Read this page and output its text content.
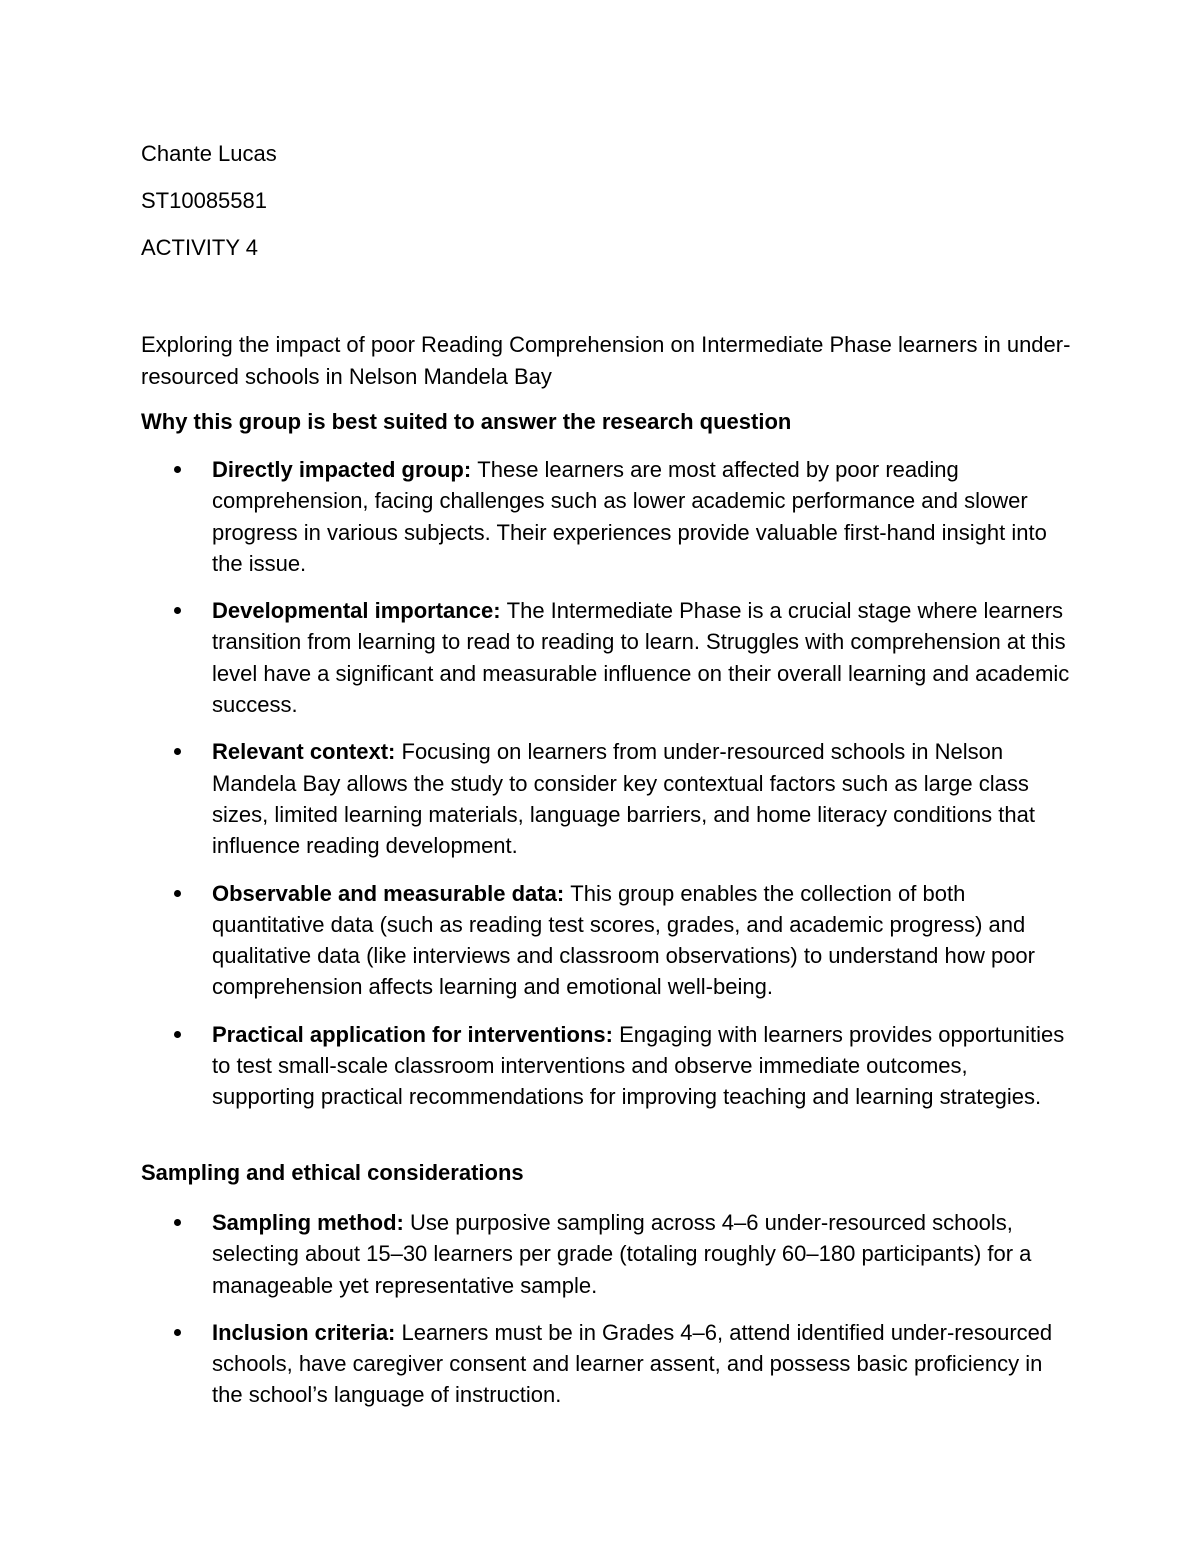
Chante Lucas

ST10085581

ACTIVITY 4

Exploring the impact of poor Reading Comprehension on Intermediate Phase learners in under-resourced schools in Nelson Mandela Bay

Why this group is best suited to answer the research question

Directly impacted group: These learners are most affected by poor reading comprehension, facing challenges such as lower academic performance and slower progress in various subjects. Their experiences provide valuable first-hand insight into the issue.
Developmental importance: The Intermediate Phase is a crucial stage where learners transition from learning to read to reading to learn. Struggles with comprehension at this level have a significant and measurable influence on their overall learning and academic success.
Relevant context: Focusing on learners from under-resourced schools in Nelson Mandela Bay allows the study to consider key contextual factors such as large class sizes, limited learning materials, language barriers, and home literacy conditions that influence reading development.
Observable and measurable data: This group enables the collection of both quantitative data (such as reading test scores, grades, and academic progress) and qualitative data (like interviews and classroom observations) to understand how poor comprehension affects learning and emotional well-being.
Practical application for interventions: Engaging with learners provides opportunities to test small-scale classroom interventions and observe immediate outcomes, supporting practical recommendations for improving teaching and learning strategies.

Sampling and ethical considerations

Sampling method: Use purposive sampling across 4–6 under-resourced schools, selecting about 15–30 learners per grade (totaling roughly 60–180 participants) for a manageable yet representative sample.
Inclusion criteria: Learners must be in Grades 4–6, attend identified under-resourced schools, have caregiver consent and learner assent, and possess basic proficiency in the school’s language of instruction.
